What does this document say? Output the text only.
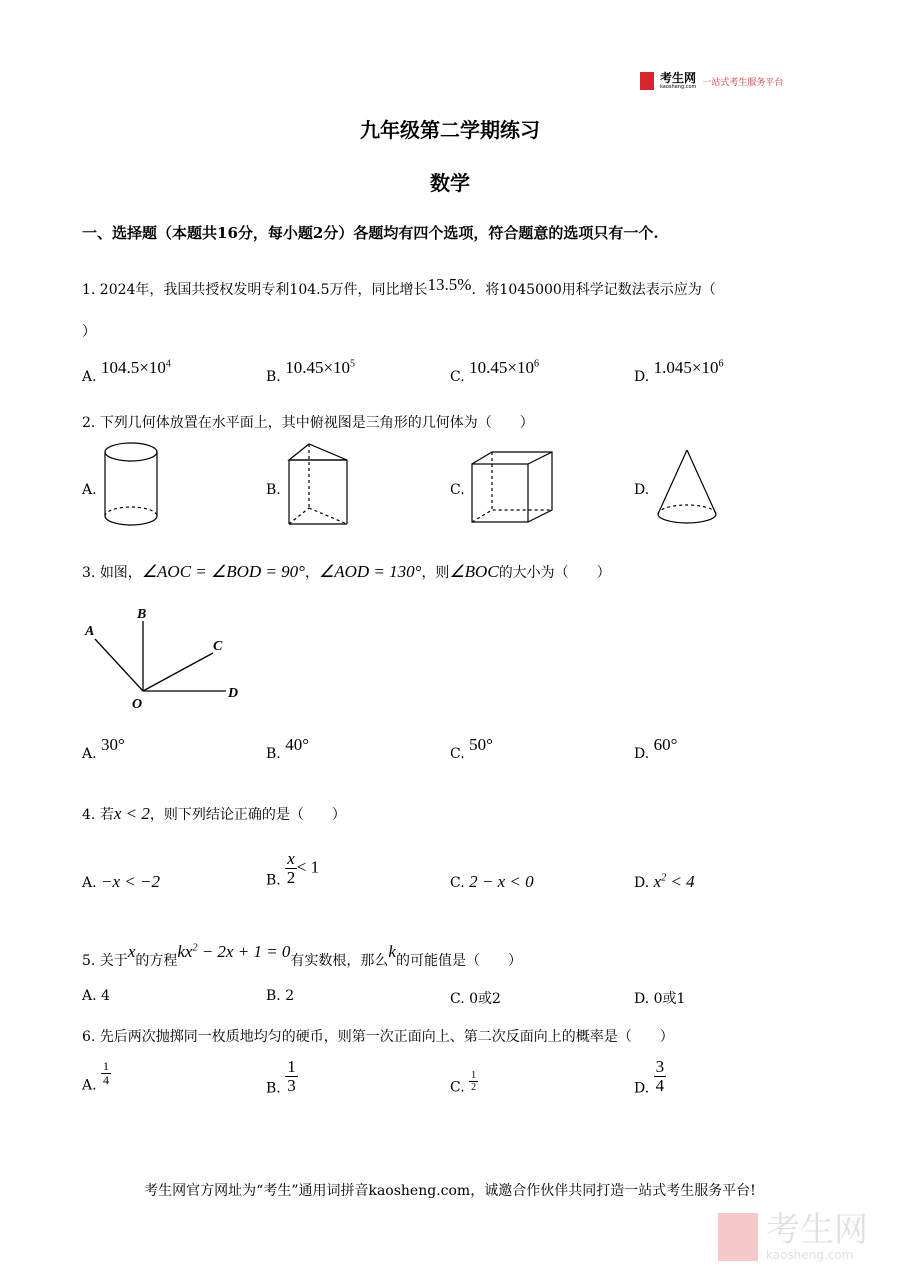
考生网
kaosheng.com 一站式考生服务平台
九年级第二学期练习
数学
一、选择题（本题共16分，每小题2分）各题均有四个选项，符合题意的选项只有一个.
1. 2024年，我国共授权发明专利104.5万件，同比增长13.5%．将1045000用科学记数法表示应为（
）
A. $104.5\times 10^4$
B. $10.45\times 10^5$
C. $10.45\times 10^6$
D. $1.045\times 10^6$
2. 下列几何体放置在水平面上，其中俯视图是三角形的几何体为（　　）
A.	B.	C.	D.
3. 如图，∠AOC = ∠BOD = 90°，∠AOD = 130°，则∠BOC的大小为（　　）
A
B
C
D
O
A. 30°	B. 40°	C. 50°	D. 60°
4. 若x < 2，则下列结论正确的是（　　）
A. −x < −2	B. $\frac{x}{2} < 1$
C. 2 − x < 0	D. $x^2 < 4$
5. 关于x的方程$kx^2 - 2x + 1 = 0$有实数根，那么k的可能值是（　　）
A. 4	B. 2	C. 0或2	D. 0或1
6. 先后两次抛掷同一枚质地均匀的硬币，则第一次正面向上、第二次反面向上的概率是（　　）
A. $\frac{1}{4}$
B. $\frac{1}{3}$	C. $\frac{1}{2}$	D. $\frac{3}{4}$
考生网官方网址为“考生”通用词拼音kaosheng.com，诚邀合作伙伴共同打造一站式考生服务平台!
考生网
kaosheng.com
